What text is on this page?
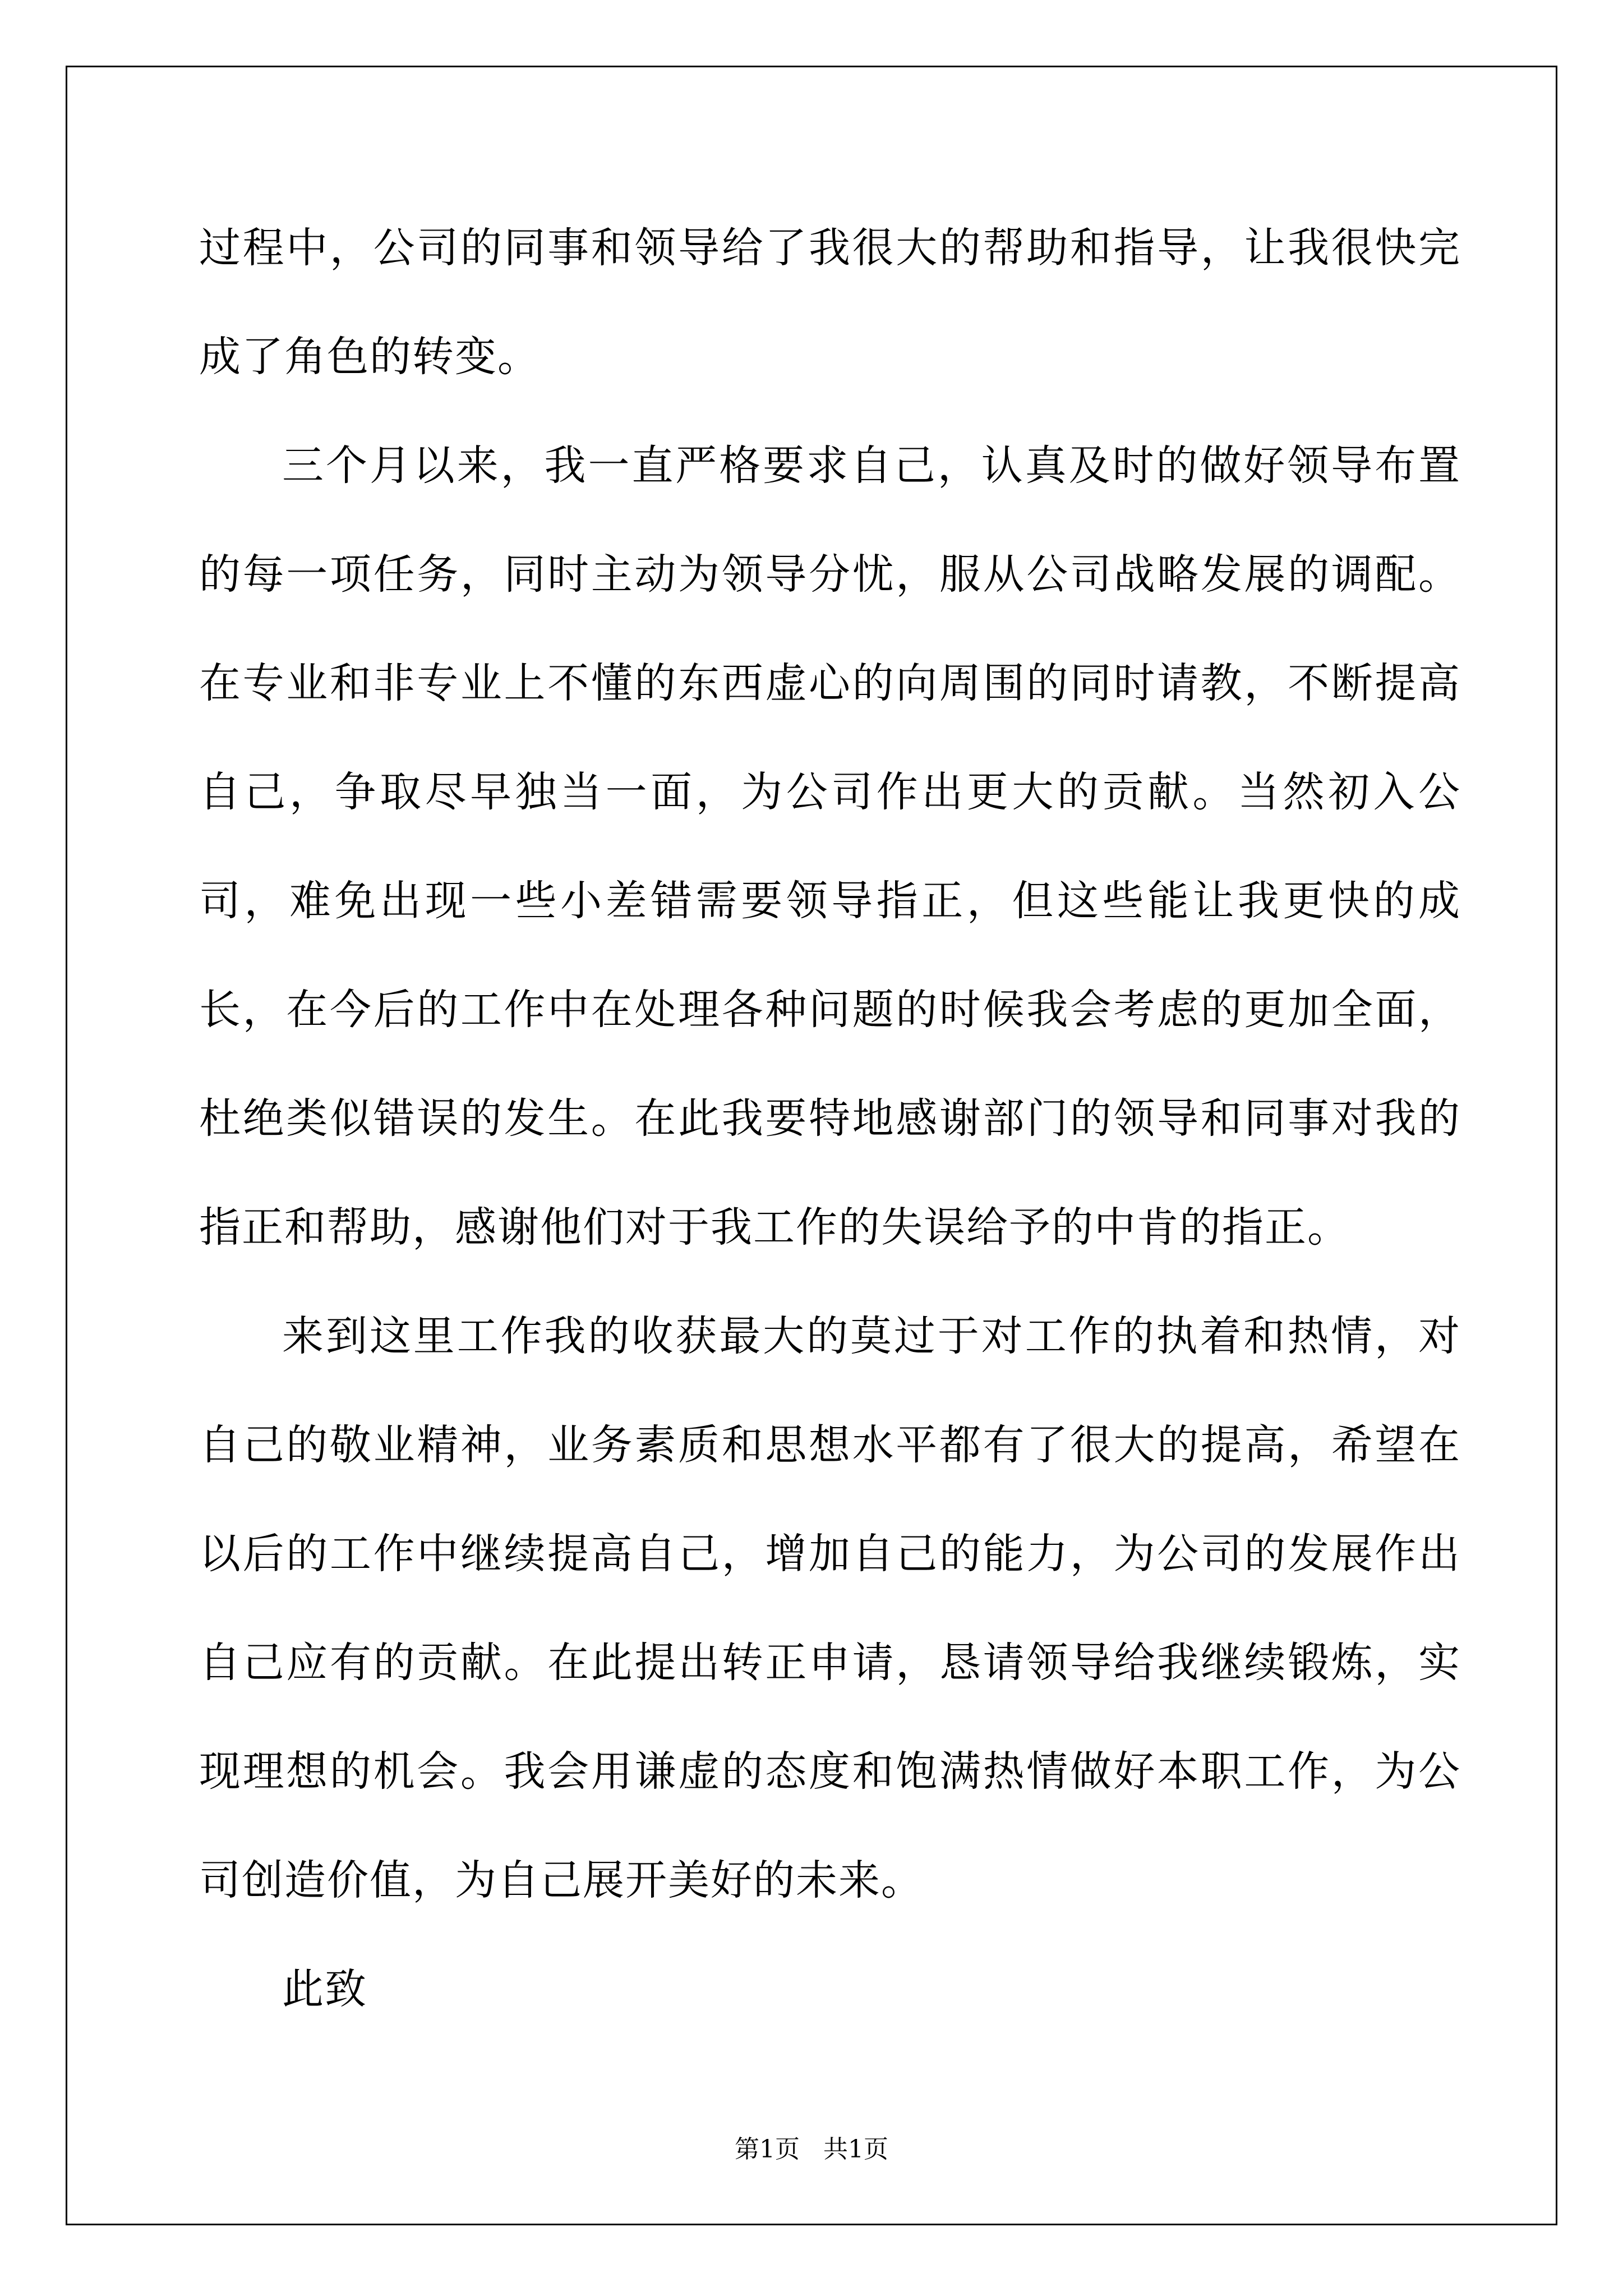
过程中，公司的同事和领导给了我很大的帮助和指导，让我很快完成了角色的转变。

三个月以来，我一直严格要求自己，认真及时的做好领导布置的每一项任务，同时主动为领导分忧，服从公司战略发展的调配。在专业和非专业上不懂的东西虚心的向周围的同时请教，不断提高自己，争取尽早独当一面，为公司作出更大的贡献。当然初入公司，难免出现一些小差错需要领导指正，但这些能让我更快的成长，在今后的工作中在处理各种问题的时候我会考虑的更加全面，杜绝类似错误的发生。在此我要特地感谢部门的领导和同事对我的指正和帮助，感谢他们对于我工作的失误给予的中肯的指正。

来到这里工作我的收获最大的莫过于对工作的执着和热情，对自己的敬业精神，业务素质和思想水平都有了很大的提高，希望在以后的工作中继续提高自己，增加自己的能力，为公司的发展作出自己应有的贡献。在此提出转正申请，恳请领导给我继续锻炼，实现理想的机会。我会用谦虚的态度和饱满热情做好本职工作，为公司创造价值，为自己展开美好的未来。

此致

第1页 共1页
